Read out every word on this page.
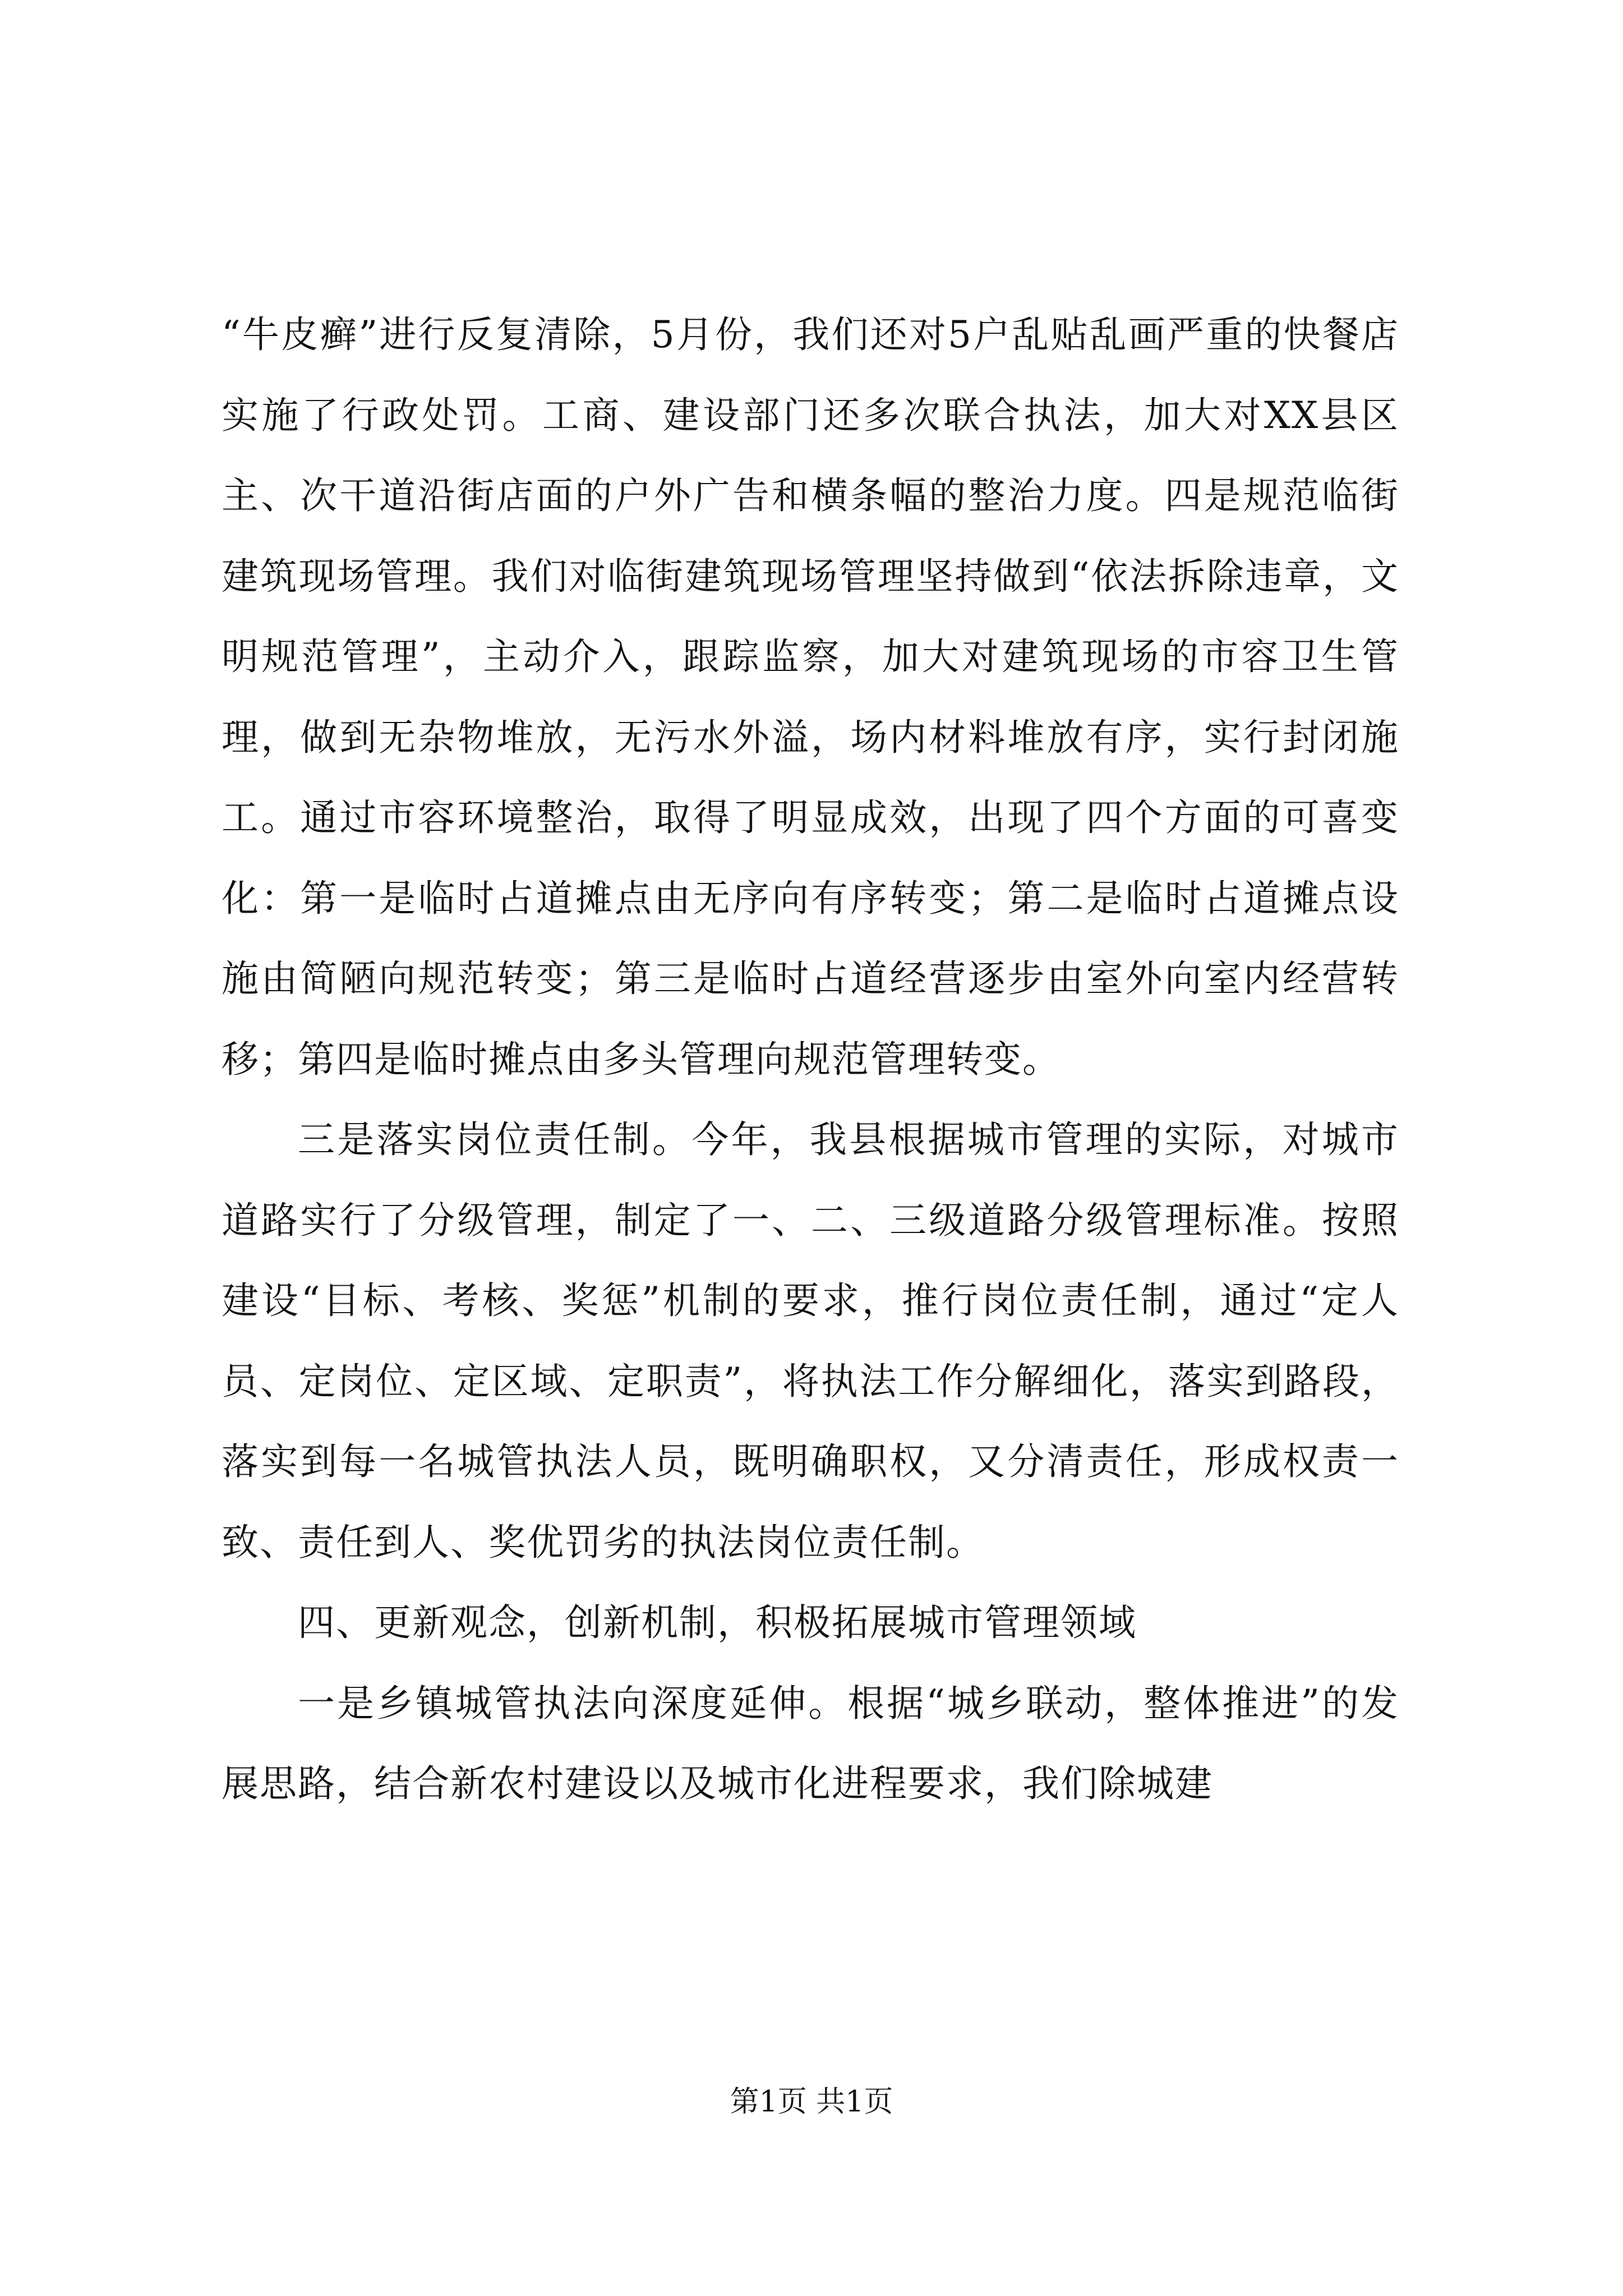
“牛皮癣”进行反复清除，5月份，我们还对5户乱贴乱画严重的快餐店实施了行政处罚。工商、建设部门还多次联合执法，加大对XX县区主、次干道沿街店面的户外广告和横条幅的整治力度。四是规范临街建筑现场管理。我们对临街建筑现场管理坚持做到“依法拆除违章，文明规范管理”，主动介入，跟踪监察，加大对建筑现场的市容卫生管理，做到无杂物堆放，无污水外溢，场内材料堆放有序，实行封闭施工。通过市容环境整治，取得了明显成效，出现了四个方面的可喜变化：第一是临时占道摊点由无序向有序转变；第二是临时占道摊点设施由简陋向规范转变；第三是临时占道经营逐步由室外向室内经营转移；第四是临时摊点由多头管理向规范管理转变。

三是落实岗位责任制。今年，我县根据城市管理的实际，对城市道路实行了分级管理，制定了一、二、三级道路分级管理标准。按照建设“目标、考核、奖惩”机制的要求，推行岗位责任制，通过“定人员、定岗位、定区域、定职责”，将执法工作分解细化，落实到路段，落实到每一名城管执法人员，既明确职权，又分清责任，形成权责一致、责任到人、奖优罚劣的执法岗位责任制。

四、更新观念，创新机制，积极拓展城市管理领域

一是乡镇城管执法向深度延伸。根据“城乡联动，整体推进”的发展思路，结合新农村建设以及城市化进程要求，我们除城建

第1页 共1页
